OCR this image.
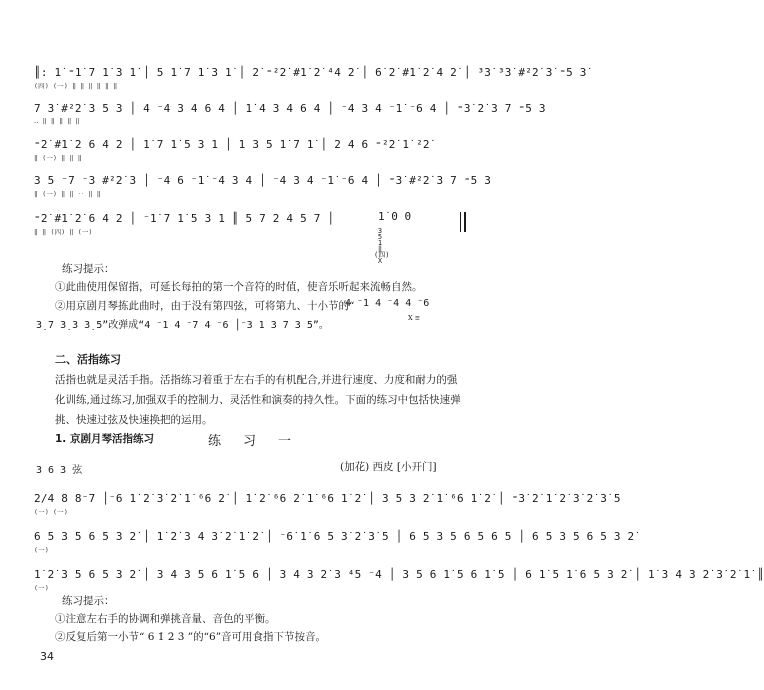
║: 1̇ ⁼1̇ 7 1̇ 3 1̇ │ 5 1̇ 7 1̇ 3 1̇ │ 2̇ ⁼²2̇ #1̇ 2̇ ⁴4 2̇ │ 6̇ 2̇ #1̇ 2̇ 4 2̇ │ ³3̇ ³3̇ #²2̇ 3̇ ⁼5 3̇
(四) (一) ‖ ‖ ‖ ‖ ‖ ‖
7 3̇ #²2̇ 3 5 3 │ 4 ⁻4 3 4 6 4 │ 1̇ 4 3 4 6 4 │ ⁻4 3 4 ⁻1̇ ⁻6 4 │ ⁼3̇ 2̇ 3 7 ⁼5 3
‥ ‖ ‖ ‖ ‖ ‖
⁼2̇ #1̇ 2 6 4 2 │ 1̇ 7 1̇ 5 3 1 │ 1 3 5 1̇ 7 1̇ │ 2 4 6 ⁼²2̇ 1̇ ²2̇
‖ (一) ‖ ‖ ‖
3 5 ⁻7 ⁻3 #²2̇ 3 │ ⁻4 6 ⁻1̇ ⁻4 3 4 │ ⁻4 3 4 ⁻1̇ ⁻6 4 │ ⁼3̇ #²2̇ 3 7 ⁼5 3
‖ (一) ‖ ‖ ‥ ‖ ‖
⁼2̇ #1̇ 2̇ 6 4 2 │ ⁻1̇ 7 1̇ 5 3 1 ║ 5 7 2 4 5 7 │
‖ ‖ (四) ‖ (一)
1̇ 0 0
3 5 1 ‖ (四) X
练习提示：
①此曲使用保留指，可延长每拍的第一个音符的时值，使音乐听起来流畅自然。
②用京剧月琴拣此曲时，由于没有第四弦，可将第九、十小节的“
4 ⁻1 4 ⁻4 4 ⁻6
X ≡
3̣ 7 3̣ 3 3̣ 5”改弹成“4 ⁻1 4 ⁻7 4 ⁻6 │⁻3 1 3 7 3 5”。
二、活指练习
活指也就是灵活手指。活指练习着重于左右手的有机配合,并进行速度、力度和耐力的强化训练,通过练习,加强双手的控制力、灵活性和演奏的持久性。下面的练习中包括快速弹挑、快速过弦及快速换把的运用。
1. 京剧月琴活指练习	练习一
3 6 3 弦	(加花) 西皮 [小开门]
2/4 8 8⁻7 │⁻6 1̇ 2̇ 3̇ 2̇ 1̇ ⁶6 2̇ │ 1̇ 2̇ ⁶6 2̇ 1̇ ⁶6 1̇ 2̇ │ 3 5 3 2̇ 1̇ ⁶6 1̇ 2̇ │ ⁼3̇ 2̇ 1̇ 2̇ 3̇ 2̇ 3̇ 5
(一) (一)
6 5 3 5 6 5 3 2̇ │ 1̇ 2̇ 3 4 3̇ 2̇ 1̇ 2̇ │ ⁻6̇ 1̇ 6 5 3̇ 2̇ 3̇ 5 │ 6 5 3 5 6 5 6 5 │ 6 5 3 5 6 5 3 2̇
(一)
1̇ 2̇ 3 5 6 5 3 2̇ │ 3 4 3 5 6 1̇ 5 6 │ 3 4 3 2̇ 3 ⁴5 ⁻4 │ 3 5 6 1̇ 5 6 1̇ 5 │ 6 1̇ 5 1̇ 6 5 3 2̇ │ 1̇ 3 4 3 2̇ 3̇ 2̇ 1̇ ║
(一)
练习提示：
①注意左右手的协调和弹挑音量、音色的平衡。
②反复后第一小节“ 6 1̇ 2̇ 3̇ ”的“6”音可用食指下节按音。
34
